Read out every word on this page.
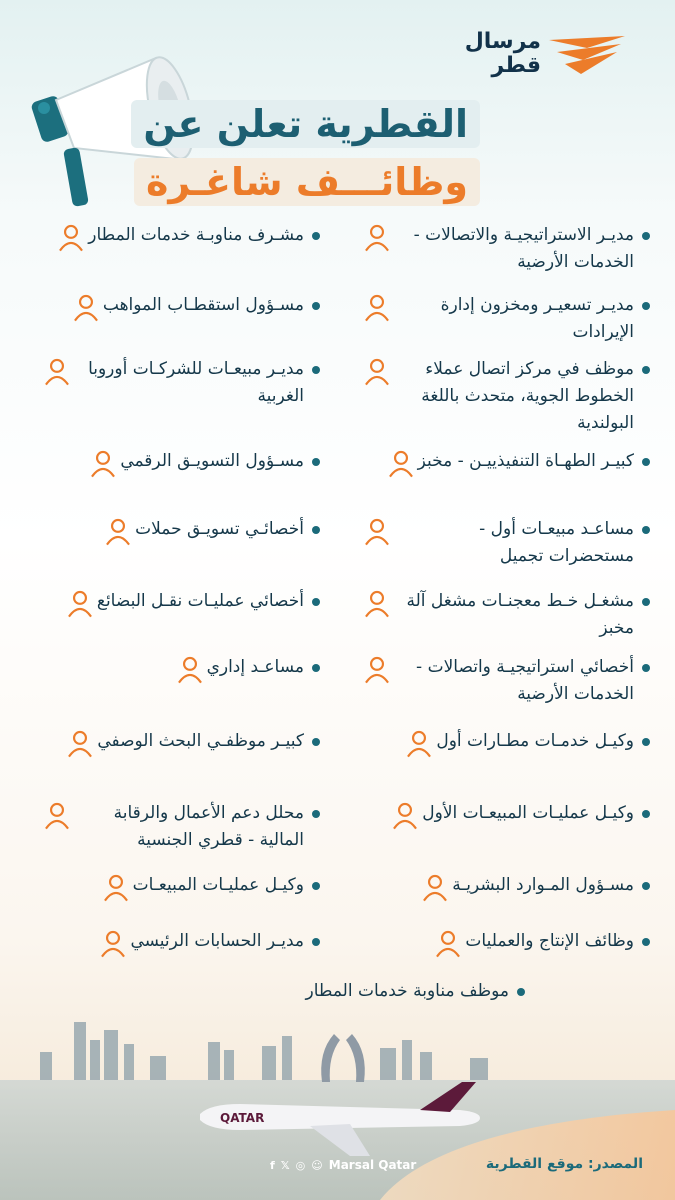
مرسال
قطر
القطرية تعلن عن
وظائـــف شاغـرة
مديـر الاستراتيجيـة والاتصالات - الخدمات الأرضية
مديـر تسعيـر ومخزون إدارة الإيرادات
موظف في مركز اتصال عملاء الخطوط الجوية، متحدث باللغة البولندية
كبيـر الطهـاة التنفيذييـن - مخبز
مساعـد مبيعـات أول - مستحضرات تجميل
مشغـل خـط معجنـات مشغل آلة مخبز
أخصائي استراتيجيـة واتصالات - الخدمات الأرضية
وكيـل خدمـات مطـارات أول
وكيـل عمليـات المبيعـات الأول
مسـؤول المـوارد البشريـة
وظائف الإنتاج والعمليات
مشـرف مناوبـة خدمات المطار
مسـؤول استقطـاب المواهب
مديـر مبيعـات للشركـات أوروبا الغربية
مسـؤول التسويـق الرقمي
أخصائـي تسويـق حملات
أخصائي عمليـات نقـل البضائع
مساعـد إداري
كبيـر موظفـي البحث الوصفي
محلل دعم الأعمال والرقابة المالية - قطري الجنسية
وكيـل عمليـات المبيعـات
مديـر الحسابات الرئيسي
موظف مناوبة خدمات المطار
QATAR
f 𝕏 ◎ ☺ Marsal Qatar	المصدر: موقع القطرية
